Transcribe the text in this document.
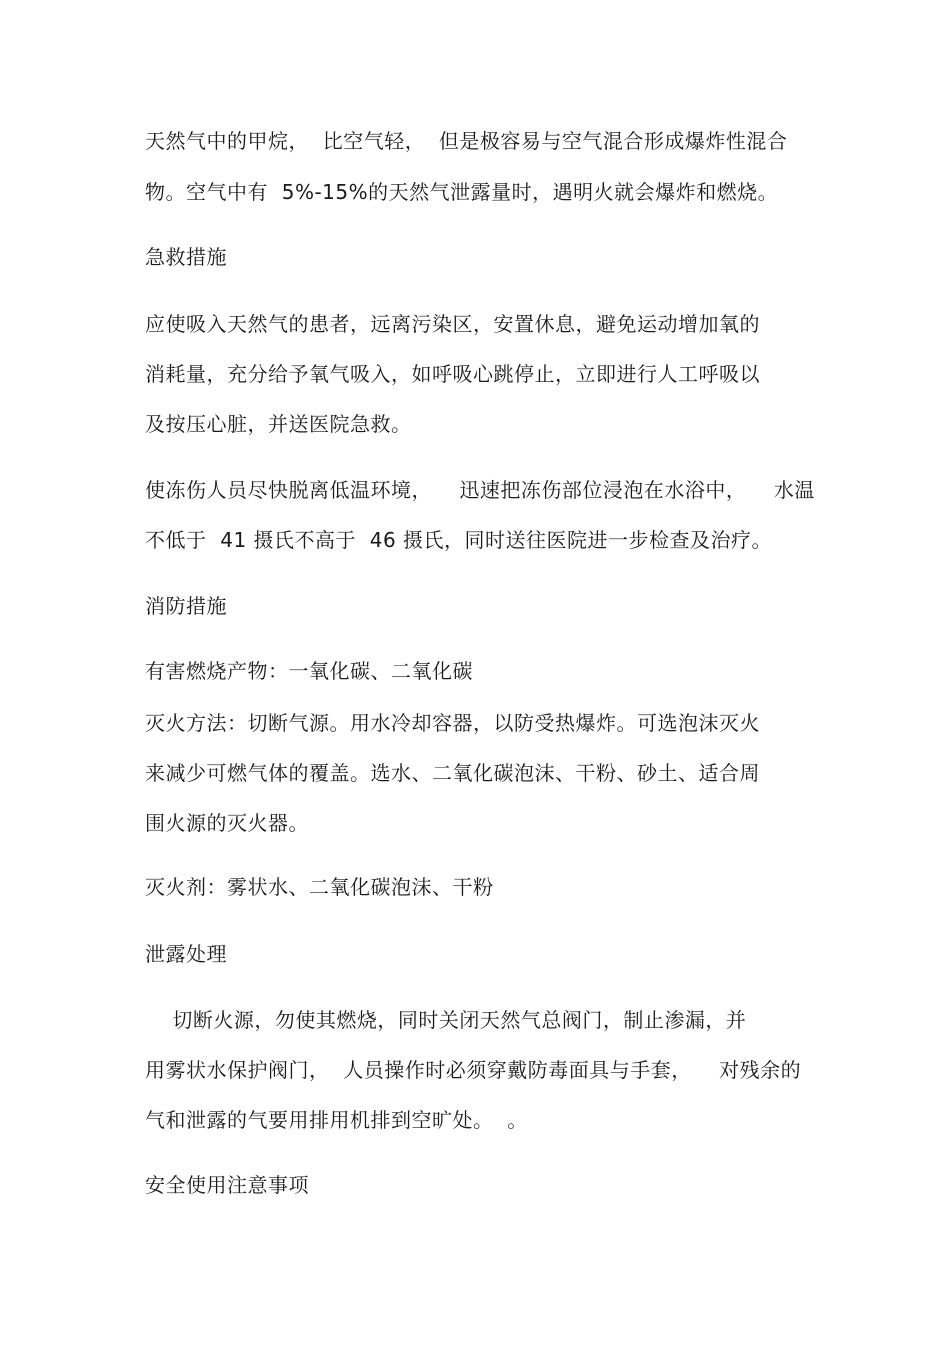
天然气中的甲烷，  比空气轻，  但是极容易与空气混合形成爆炸性混合
物。空气中有  5%-15%的天然气泄露量时，遇明火就会爆炸和燃烧。
急救措施
应使吸入天然气的患者，远离污染区，安置休息，避免运动增加氧的
消耗量，充分给予氧气吸入，如呼吸心跳停止，立即进行人工呼吸以
及按压心脏，并送医院急救。
使冻伤人员尽快脱离低温环境，    迅速把冻伤部位浸泡在水浴中，    水温
不低于  41 摄氏不高于  46 摄氏，同时送往医院进一步检查及治疗。
消防措施
有害燃烧产物：一氧化碳、二氧化碳
灭火方法：切断气源。用水冷却容器，以防受热爆炸。可选泡沫灭火
来减少可燃气体的覆盖。选水、二氧化碳泡沫、干粉、砂土、适合周
围火源的灭火器。
灭火剂：雾状水、二氧化碳泡沫、干粉
泄露处理
切断火源，勿使其燃烧，同时关闭天然气总阀门，制止渗漏，并
用雾状水保护阀门，  人员操作时必须穿戴防毒面具与手套，    对残余的
气和泄露的气要用排用机排到空旷处。  。
安全使用注意事项
